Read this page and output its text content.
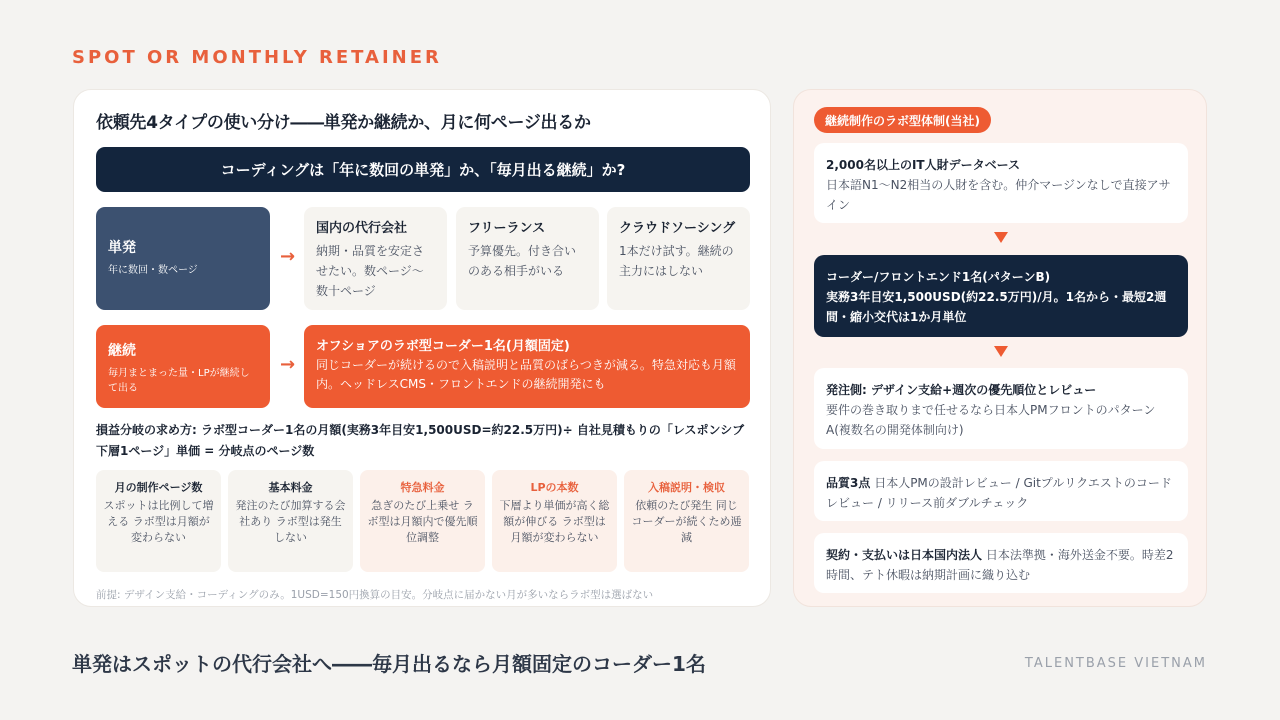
SPOT OR MONTHLY RETAINER
依頼先4タイプの使い分け――単発か継続か、月に何ページ出るか
コーディングは「年に数回の単発」か、「毎月出る継続」か?
単発
年に数回・数ページ
→
国内の代行会社
納期・品質を安定させたい。数ページ〜数十ページ
フリーランス
予算優先。付き合いのある相手がいる
クラウドソーシング
1本だけ試す。継続の主力にはしない
継続
毎月まとまった量・LPが継続して出る
→
オフショアのラボ型コーダー1名(月額固定)
同じコーダーが続けるので入稿説明と品質のばらつきが減る。特急対応も月額内。ヘッドレスCMS・フロントエンドの継続開発にも
損益分岐の求め方: ラボ型コーダー1名の月額(実務3年目安1,500USD=約22.5万円)÷ 自社見積もりの「レスポンシブ下層1ページ」単価 = 分岐点のページ数
月の制作ページ数
スポットは比例して増える ラボ型は月額が変わらない
基本料金
発注のたび加算する会社あり ラボ型は発生しない
特急料金
急ぎのたび上乗せ ラボ型は月額内で優先順位調整
LPの本数
下層より単価が高く総額が伸びる ラボ型は月額が変わらない
入稿説明・検収
依頼のたび発生 同じコーダーが続くため逓減
前提: デザイン支給・コーディングのみ。1USD=150円換算の目安。分岐点に届かない月が多いならラボ型は選ばない
継続制作のラボ型体制(当社)
2,000名以上のIT人財データベース
日本語N1〜N2相当の人財を含む。仲介マージンなしで直接アサイン
コーダー/フロントエンド1名(パターンB)
実務3年目安1,500USD(約22.5万円)/月。1名から・最短2週間・縮小交代は1か月単位
発注側: デザイン支給+週次の優先順位とレビュー
要件の巻き取りまで任せるなら日本人PMフロントのパターンA(複数名の開発体制向け)
品質3点 日本人PMの設計レビュー / Gitプルリクエストのコードレビュー / リリース前ダブルチェック
契約・支払いは日本国内法人 日本法準拠・海外送金不要。時差2時間、テト休暇は納期計画に織り込む
単発はスポットの代行会社へ――毎月出るなら月額固定のコーダー1名	TALENTBASE VIETNAM
